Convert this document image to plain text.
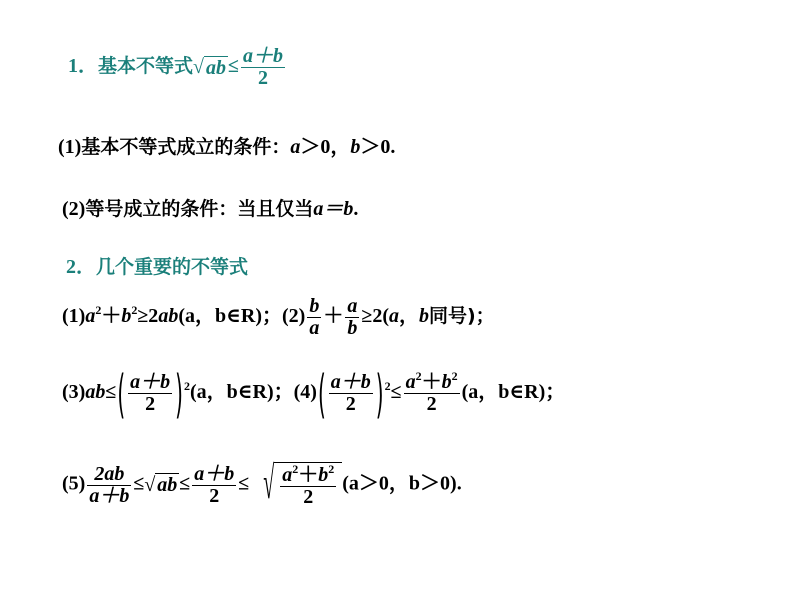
1．基本不等式√ ab ≤ $\frac{a+b}{2}$
(1)基本不等式成立的条件：a＞0，b＞0.
(2)等号成立的条件：当且仅当a＝b.
2．几个重要的不等式
$(1)a^2+b^2\ge 2ab(a$，b∈R)；$(2) \frac{b}{a} + \frac{a}{b} \ge 2(a$，b同号)；
$(3)ab\le( \frac{a+b}{2} )^2(a$，b∈R)；$(4)( \frac{a+b}{2} )^2\le \frac{a^2+b^2}{2} (a$，b∈R)；
$(5) \frac{2ab}{a+b}$ ≤√ ab ≤ $\frac{a+b}{2}$ ≤ √ $\frac{a^2+b^2}{2} (a>0$，b＞0).
